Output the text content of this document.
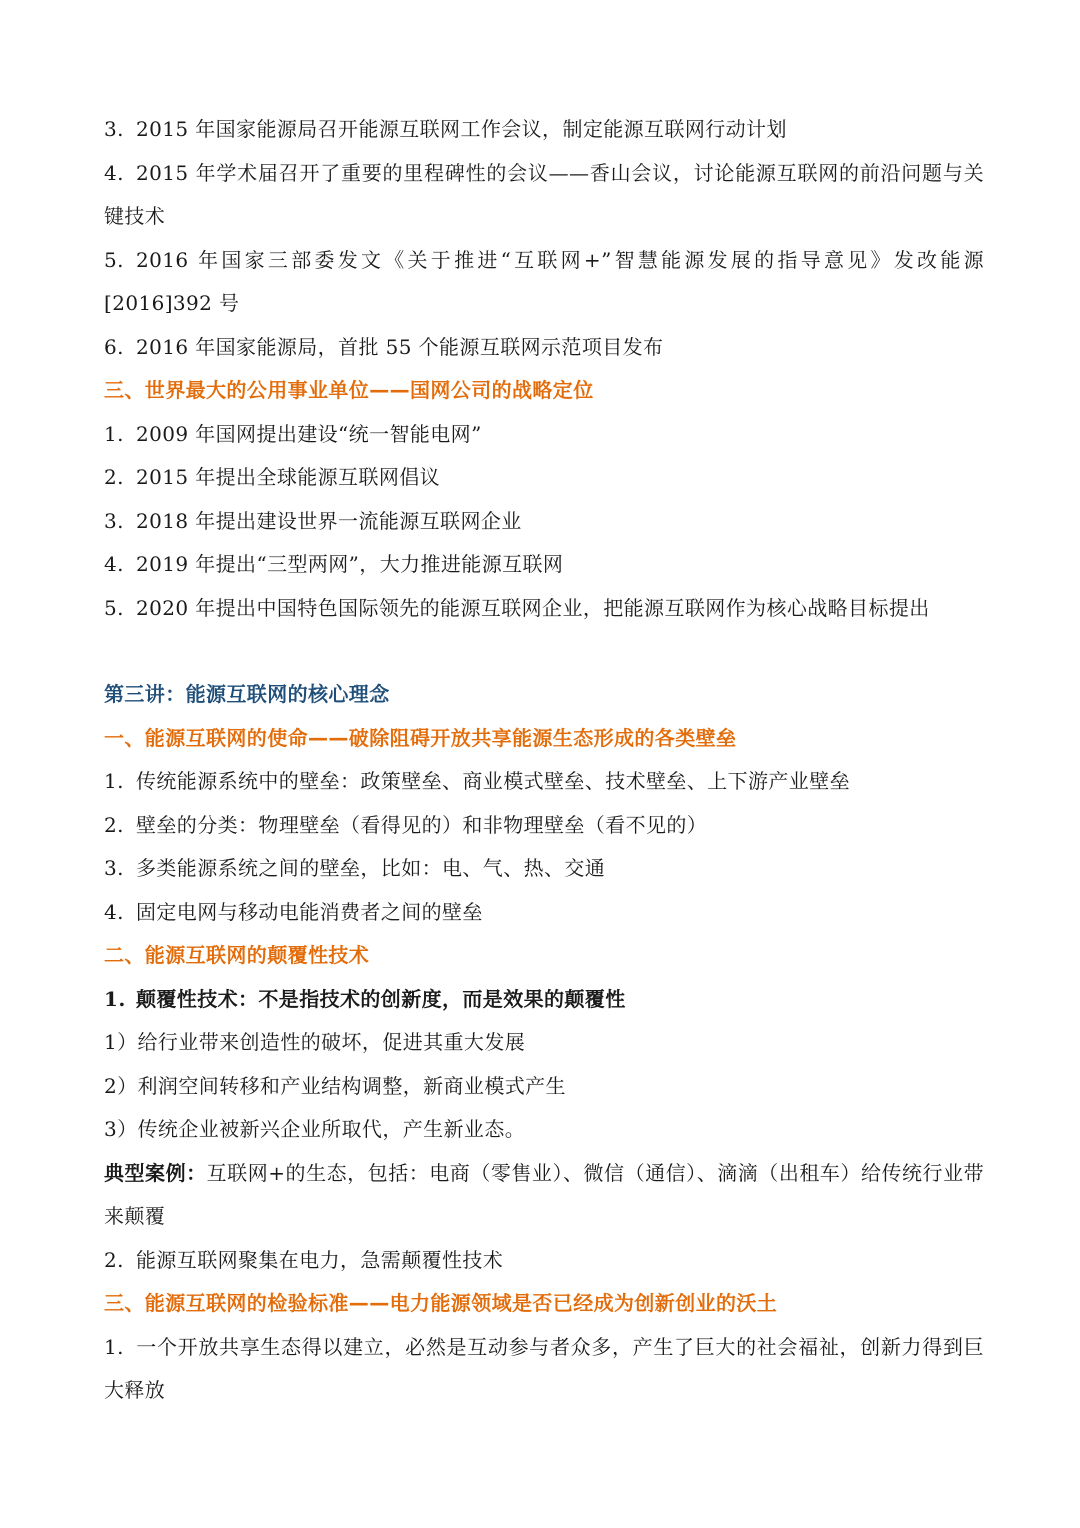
3. 2015 年国家能源局召开能源互联网工作会议，制定能源互联网行动计划

4. 2015 年学术届召开了重要的里程碑性的会议——香山会议，讨论能源互联网的前沿问题与关键技术

5. 2016 年国家三部委发文《关于推进“互联网+”智慧能源发展的指导意见》发改能源[2016]392 号

6. 2016 年国家能源局，首批 55 个能源互联网示范项目发布

三、世界最大的公用事业单位——国网公司的战略定位

1. 2009 年国网提出建设“统一智能电网”

2. 2015 年提出全球能源互联网倡议

3. 2018 年提出建设世界一流能源互联网企业

4. 2019 年提出“三型两网”，大力推进能源互联网

5. 2020 年提出中国特色国际领先的能源互联网企业，把能源互联网作为核心战略目标提出

第三讲：能源互联网的核心理念

一、能源互联网的使命——破除阻碍开放共享能源生态形成的各类壁垒

1. 传统能源系统中的壁垒：政策壁垒、商业模式壁垒、技术壁垒、上下游产业壁垒

2. 壁垒的分类：物理壁垒（看得见的）和非物理壁垒（看不见的）

3. 多类能源系统之间的壁垒，比如：电、气、热、交通

4. 固定电网与移动电能消费者之间的壁垒

二、能源互联网的颠覆性技术

1. 颠覆性技术：不是指技术的创新度，而是效果的颠覆性

1）给行业带来创造性的破坏，促进其重大发展

2）利润空间转移和产业结构调整，新商业模式产生

3）传统企业被新兴企业所取代，产生新业态。

典型案例：互联网+的生态，包括：电商（零售业）、微信（通信）、滴滴（出租车）给传统行业带来颠覆

2. 能源互联网聚集在电力，急需颠覆性技术

三、能源互联网的检验标准——电力能源领域是否已经成为创新创业的沃土

1. 一个开放共享生态得以建立，必然是互动参与者众多，产生了巨大的社会福祉，创新力得到巨大释放
